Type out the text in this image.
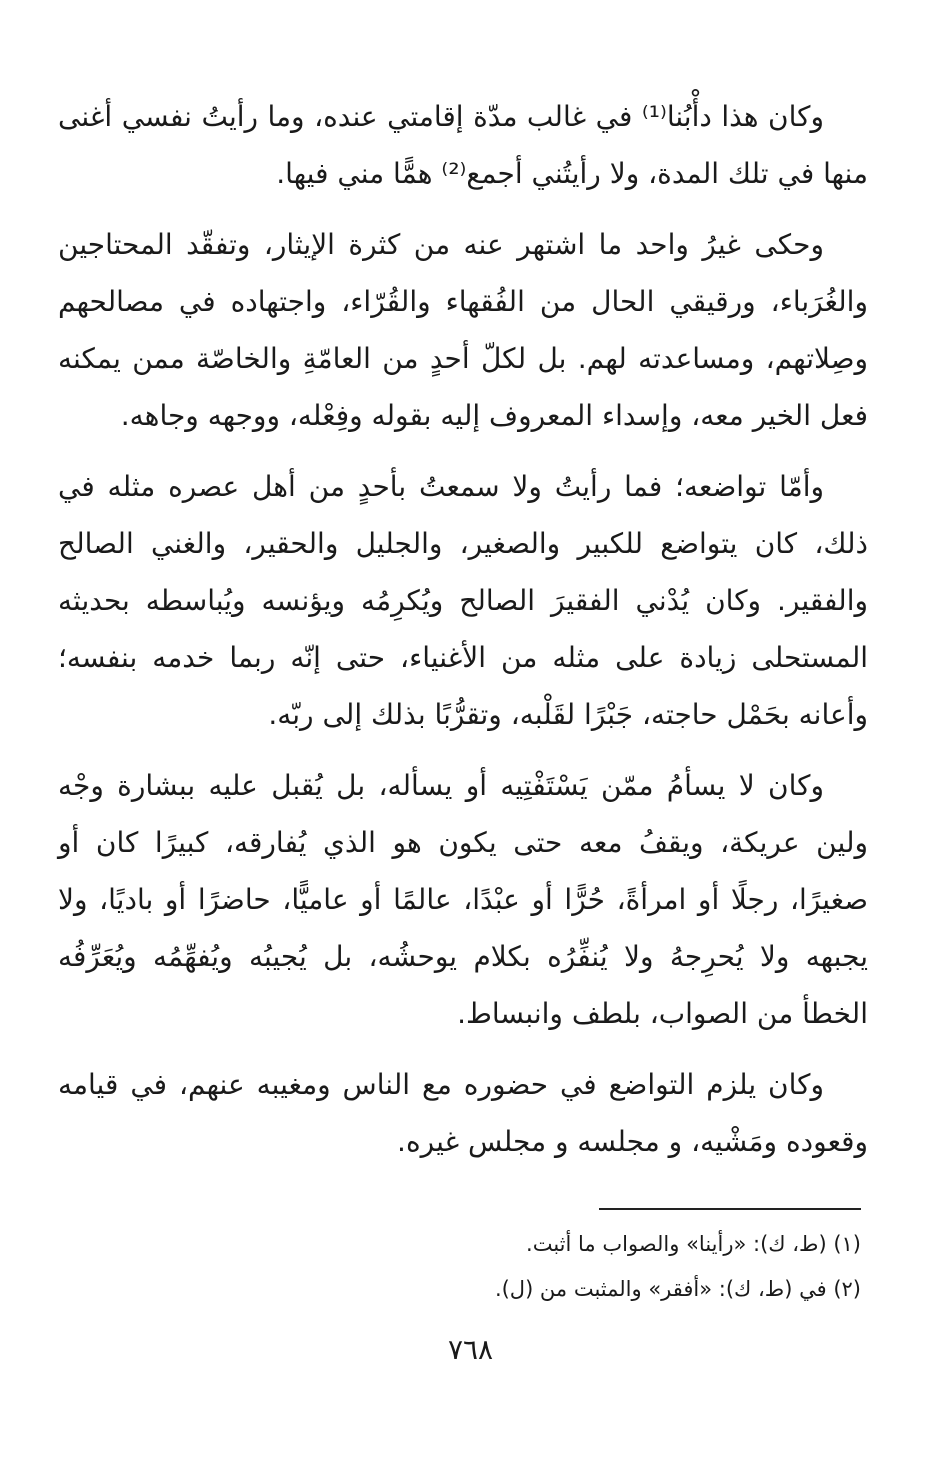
وكان هذا دأْبُنا⁽¹⁾ في غالب مدّة إقامتي عنده، وما رأيتُ نفسي أغنى منها في تلك المدة، ولا رأيتُني أجمع⁽²⁾ همًّا مني فيها.

وحكى غيرُ واحد ما اشتهر عنه من كثرة الإيثار، وتفقّد المحتاجين والغُرَباء، ورقيقي الحال من الفُقهاء والقُرّاء، واجتهاده في مصالحهم وصِلاتهم، ومساعدته لهم. بل لكلّ أحدٍ من العامّةِ والخاصّة ممن يمكنه فعل الخير معه، وإسداء المعروف إليه بقوله وفِعْله، ووجهه وجاهه.

وأمّا تواضعه؛ فما رأيتُ ولا سمعتُ بأحدٍ من أهل عصره مثله في ذلك، كان يتواضع للكبير والصغير، والجليل والحقير، والغني الصالح والفقير. وكان يُدْني الفقيرَ الصالح ويُكرِمُه ويؤنسه ويُباسطه بحديثه المستحلى زيادة على مثله من الأغنياء، حتى إنّه ربما خدمه بنفسه؛ وأعانه بحَمْل حاجته، جَبْرًا لقَلْبه، وتقرُّبًا بذلك إلى ربّه.

وكان لا يسأمُ ممّن يَسْتَفْتِيه أو يسأله، بل يُقبل عليه ببشارة وجْه ولين عريكة، ويقفُ معه حتى يكون هو الذي يُفارقه، كبيرًا كان أو صغيرًا، رجلًا أو امرأةً، حُرًّا أو عبْدًا، عالمًا أو عاميًّا، حاضرًا أو باديًا، ولا يجبهه ولا يُحرِجهُ ولا يُنفِّرُه بكلام يوحشُه، بل يُجيبُه ويُفهِّمُه ويُعَرِّفُه الخطأ من الصواب، بلطف وانبساط.

وكان يلزم التواضع في حضوره مع الناس ومغيبه عنهم، في قيامه وقعوده ومَشْيه، و مجلسه و مجلس غيره.

(١) (ط، ك): «رأينا» والصواب ما أثبت.

(٢) في (ط، ك): «أفقر» والمثبت من (ل).

٧٦٨
